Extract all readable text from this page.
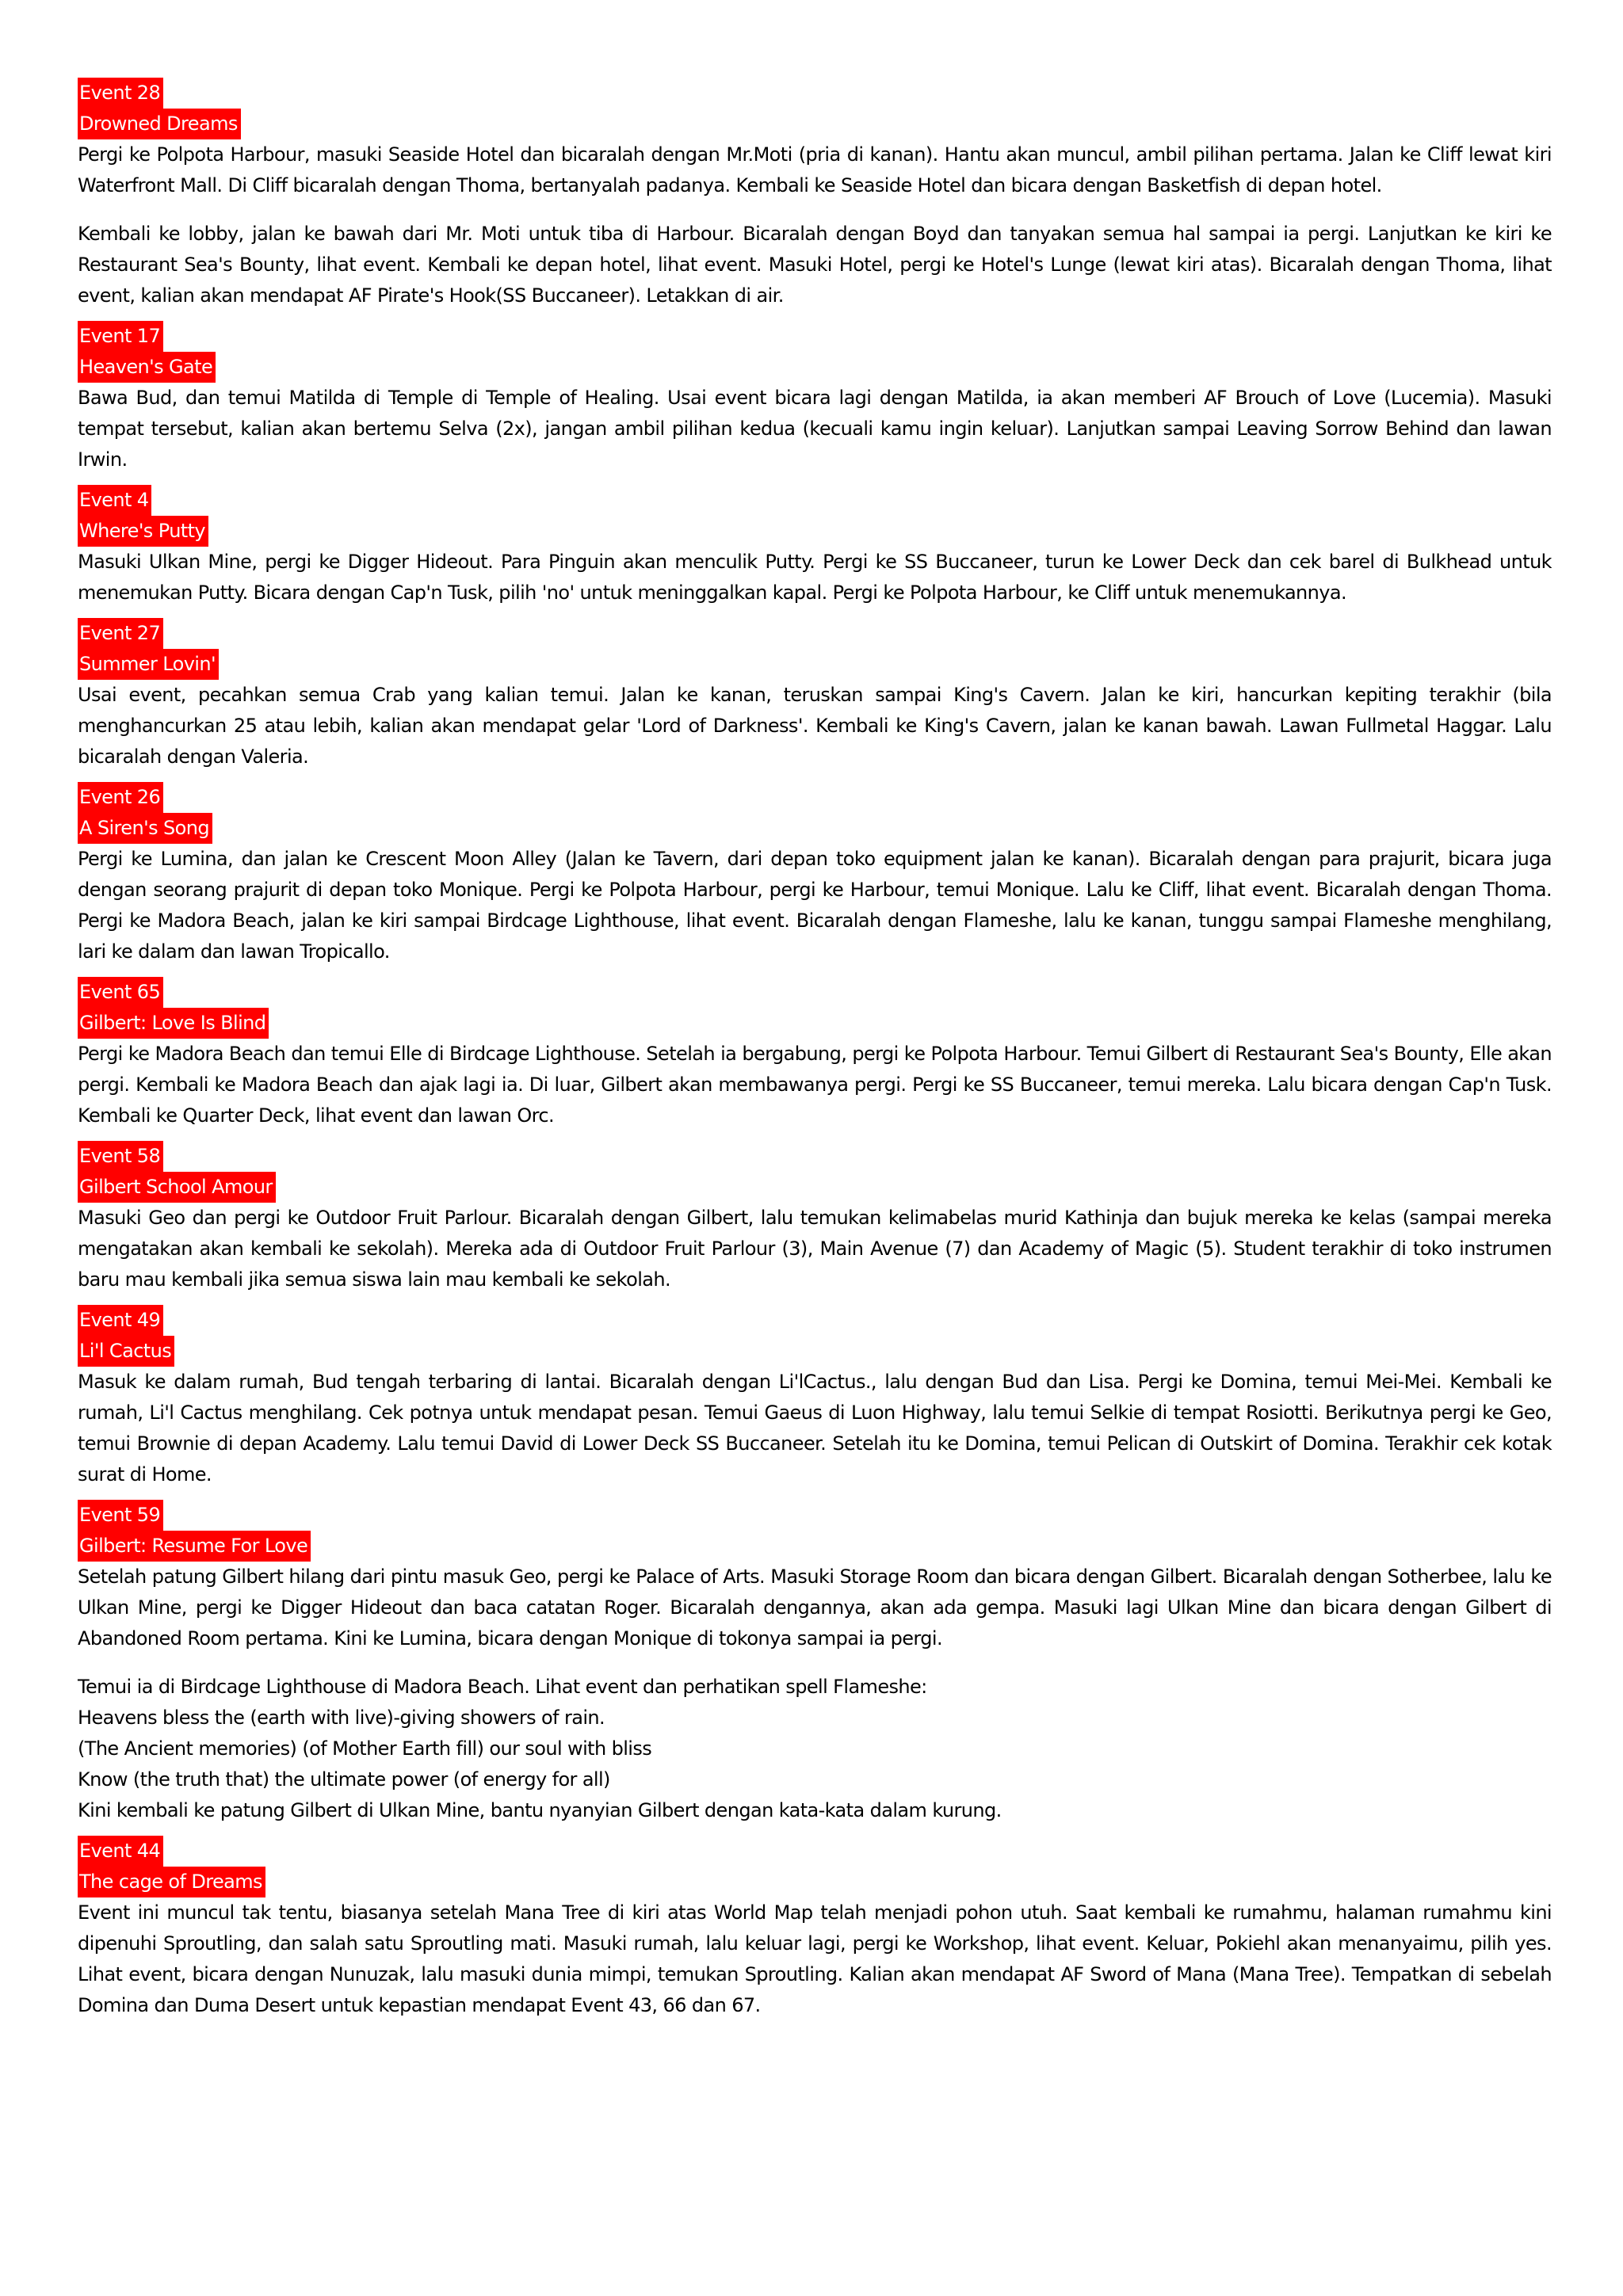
Event 28
Drowned Dreams

Pergi ke Polpota Harbour, masuki Seaside Hotel dan bicaralah dengan Mr.Moti (pria di kanan). Hantu akan muncul, ambil pilihan pertama. Jalan ke Cliff lewat kiri Waterfront Mall. Di Cliff bicaralah dengan Thoma, bertanyalah padanya. Kembali ke Seaside Hotel dan bicara dengan Basketfish di depan hotel.

Kembali ke lobby, jalan ke bawah dari Mr. Moti untuk tiba di Harbour. Bicaralah dengan Boyd dan tanyakan semua hal sampai ia pergi. Lanjutkan ke kiri ke Restaurant Sea's Bounty, lihat event. Kembali ke depan hotel, lihat event. Masuki Hotel, pergi ke Hotel's Lunge (lewat kiri atas). Bicaralah dengan Thoma, lihat event, kalian akan mendapat AF Pirate's Hook(SS Buccaneer). Letakkan di air.

Event 17
Heaven's Gate

Bawa Bud, dan temui Matilda di Temple di Temple of Healing. Usai event bicara lagi dengan Matilda, ia akan memberi AF Brouch of Love (Lucemia). Masuki tempat tersebut, kalian akan bertemu Selva (2x), jangan ambil pilihan kedua (kecuali kamu ingin keluar). Lanjutkan sampai Leaving Sorrow Behind dan lawan Irwin.

Event 4
Where's Putty

Masuki Ulkan Mine, pergi ke Digger Hideout. Para Pinguin akan menculik Putty. Pergi ke SS Buccaneer, turun ke Lower Deck dan cek barel di Bulkhead untuk menemukan Putty. Bicara dengan Cap'n Tusk, pilih 'no' untuk meninggalkan kapal. Pergi ke Polpota Harbour, ke Cliff untuk menemukannya.

Event 27
Summer Lovin'

Usai event, pecahkan semua Crab yang kalian temui. Jalan ke kanan, teruskan sampai King's Cavern. Jalan ke kiri, hancurkan kepiting terakhir (bila menghancurkan 25 atau lebih, kalian akan mendapat gelar 'Lord of Darkness'. Kembali ke King's Cavern, jalan ke kanan bawah. Lawan Fullmetal Haggar. Lalu bicaralah dengan Valeria.

Event 26
A Siren's Song

Pergi ke Lumina, dan jalan ke Crescent Moon Alley (Jalan ke Tavern, dari depan toko equipment jalan ke kanan). Bicaralah dengan para prajurit, bicara juga dengan seorang prajurit di depan toko Monique. Pergi ke Polpota Harbour, pergi ke Harbour, temui Monique. Lalu ke Cliff, lihat event. Bicaralah dengan Thoma. Pergi ke Madora Beach, jalan ke kiri sampai Birdcage Lighthouse, lihat event. Bicaralah dengan Flameshe, lalu ke kanan, tunggu sampai Flameshe menghilang, lari ke dalam dan lawan Tropicallo.

Event 65
Gilbert: Love Is Blind

Pergi ke Madora Beach dan temui Elle di Birdcage Lighthouse. Setelah ia bergabung, pergi ke Polpota Harbour. Temui Gilbert di Restaurant Sea's Bounty, Elle akan pergi. Kembali ke Madora Beach dan ajak lagi ia. Di luar, Gilbert akan membawanya pergi. Pergi ke SS Buccaneer, temui mereka. Lalu bicara dengan Cap'n Tusk. Kembali ke Quarter Deck, lihat event dan lawan Orc.

Event 58
Gilbert School Amour

Masuki Geo dan pergi ke Outdoor Fruit Parlour. Bicaralah dengan Gilbert, lalu temukan kelimabelas murid Kathinja dan bujuk mereka ke kelas (sampai mereka mengatakan akan kembali ke sekolah). Mereka ada di Outdoor Fruit Parlour (3), Main Avenue (7) dan Academy of Magic (5). Student terakhir di toko instrumen baru mau kembali jika semua siswa lain mau kembali ke sekolah.

Event 49
Li'l Cactus

Masuk ke dalam rumah, Bud tengah terbaring di lantai. Bicaralah dengan Li'lCactus., lalu dengan Bud dan Lisa. Pergi ke Domina, temui Mei-Mei. Kembali ke rumah, Li'l Cactus menghilang. Cek potnya untuk mendapat pesan. Temui Gaeus di Luon Highway, lalu temui Selkie di tempat Rosiotti. Berikutnya pergi ke Geo, temui Brownie di depan Academy. Lalu temui David di Lower Deck SS Buccaneer. Setelah itu ke Domina, temui Pelican di Outskirt of Domina. Terakhir cek kotak surat di Home.

Event 59
Gilbert: Resume For Love

Setelah patung Gilbert hilang dari pintu masuk Geo, pergi ke Palace of Arts. Masuki Storage Room dan bicara dengan Gilbert. Bicaralah dengan Sotherbee, lalu ke Ulkan Mine, pergi ke Digger Hideout dan baca catatan Roger. Bicaralah dengannya, akan ada gempa. Masuki lagi Ulkan Mine dan bicara dengan Gilbert di Abandoned Room pertama. Kini ke Lumina, bicara dengan Monique di tokonya sampai ia pergi.

Temui ia di Birdcage Lighthouse di Madora Beach. Lihat event dan perhatikan spell Flameshe:
Heavens bless the (earth with live)-giving showers of rain.
(The Ancient memories) (of Mother Earth fill) our soul with bliss
Know (the truth that) the ultimate power (of energy for all)
Kini kembali ke patung Gilbert di Ulkan Mine, bantu nyanyian Gilbert dengan kata-kata dalam kurung.

Event 44
The cage of Dreams

Event ini muncul tak tentu, biasanya setelah Mana Tree di kiri atas World Map telah menjadi pohon utuh. Saat kembali ke rumahmu, halaman rumahmu kini dipenuhi Sproutling, dan salah satu Sproutling mati. Masuki rumah, lalu keluar lagi, pergi ke Workshop, lihat event. Keluar, Pokiehl akan menanyaimu, pilih yes. Lihat event, bicara dengan Nunuzak, lalu masuki dunia mimpi, temukan Sproutling. Kalian akan mendapat AF Sword of Mana (Mana Tree). Tempatkan di sebelah Domina dan Duma Desert untuk kepastian mendapat Event 43, 66 dan 67.
